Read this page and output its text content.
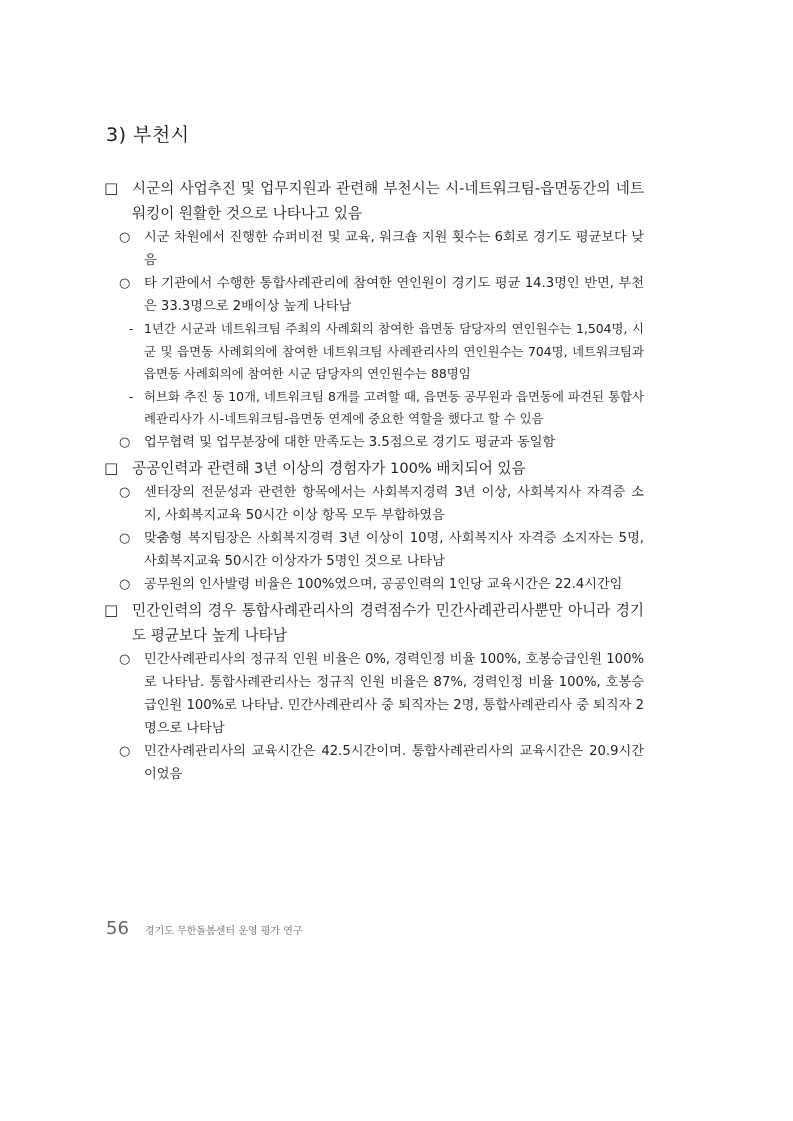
3) 부천시
□ 시군의 사업추진 및 업무지원과 관련해 부천시는 시-네트워크팀-읍면동간의 네트워킹이 원활한 것으로 나타나고 있음
○ 시군 차원에서 진행한 슈퍼비전 및 교육, 워크숍 지원 횟수는 6회로 경기도 평균보다 낮음
○ 타 기관에서 수행한 통합사례관리에 참여한 연인원이 경기도 평균 14.3명인 반면, 부천은 33.3명으로 2배이상 높게 나타남
- 1년간 시군과 네트워크팀 주최의 사례회의 참여한 읍면동 담당자의 연인원수는 1,504명, 시군 및 읍면동 사례회의에 참여한 네트워크팀 사례관리사의 연인원수는 704명, 네트워크팀과 읍면동 사례회의에 참여한 시군 담당자의 연인원수는 88명임
- 허브화 추진 동 10개, 네트워크팀 8개를 고려할 때, 읍면동 공무원과 읍면동에 파견된 통합사례관리사가 시-네트워크팀-읍면동 연계에 중요한 역할을 했다고 할 수 있음
○ 업무협력 및 업무분장에 대한 만족도는 3.5점으로 경기도 평균과 동일함
□ 공공인력과 관련해 3년 이상의 경험자가 100% 배치되어 있음
○ 센터장의 전문성과 관련한 항목에서는 사회복지경력 3년 이상, 사회복지사 자격증 소지, 사회복지교육 50시간 이상 항목 모두 부합하였음
○ 맞춤형 복지팀장은 사회복지경력 3년 이상이 10명, 사회복지사 자격증 소지자는 5명, 사회복지교육 50시간 이상자가 5명인 것으로 나타남
○ 공무원의 인사발령 비율은 100%였으며, 공공인력의 1인당 교육시간은 22.4시간임
□ 민간인력의 경우 통합사례관리사의 경력점수가 민간사례관리사뿐만 아니라 경기도 평균보다 높게 나타남
○ 민간사례관리사의 정규직 인원 비율은 0%, 경력인정 비율 100%, 호봉승급인원 100%로 나타남. 통합사례관리사는 정규직 인원 비율은 87%, 경력인정 비율 100%, 호봉승급인원 100%로 나타남. 민간사례관리사 중 퇴직자는 2명, 통합사례관리사 중 퇴직자 2명으로 나타남
○ 민간사례관리사의 교육시간은 42.5시간이며. 통합사례관리사의 교육시간은 20.9시간이었음
56 경기도 무한돌봄센터 운영 평가 연구
